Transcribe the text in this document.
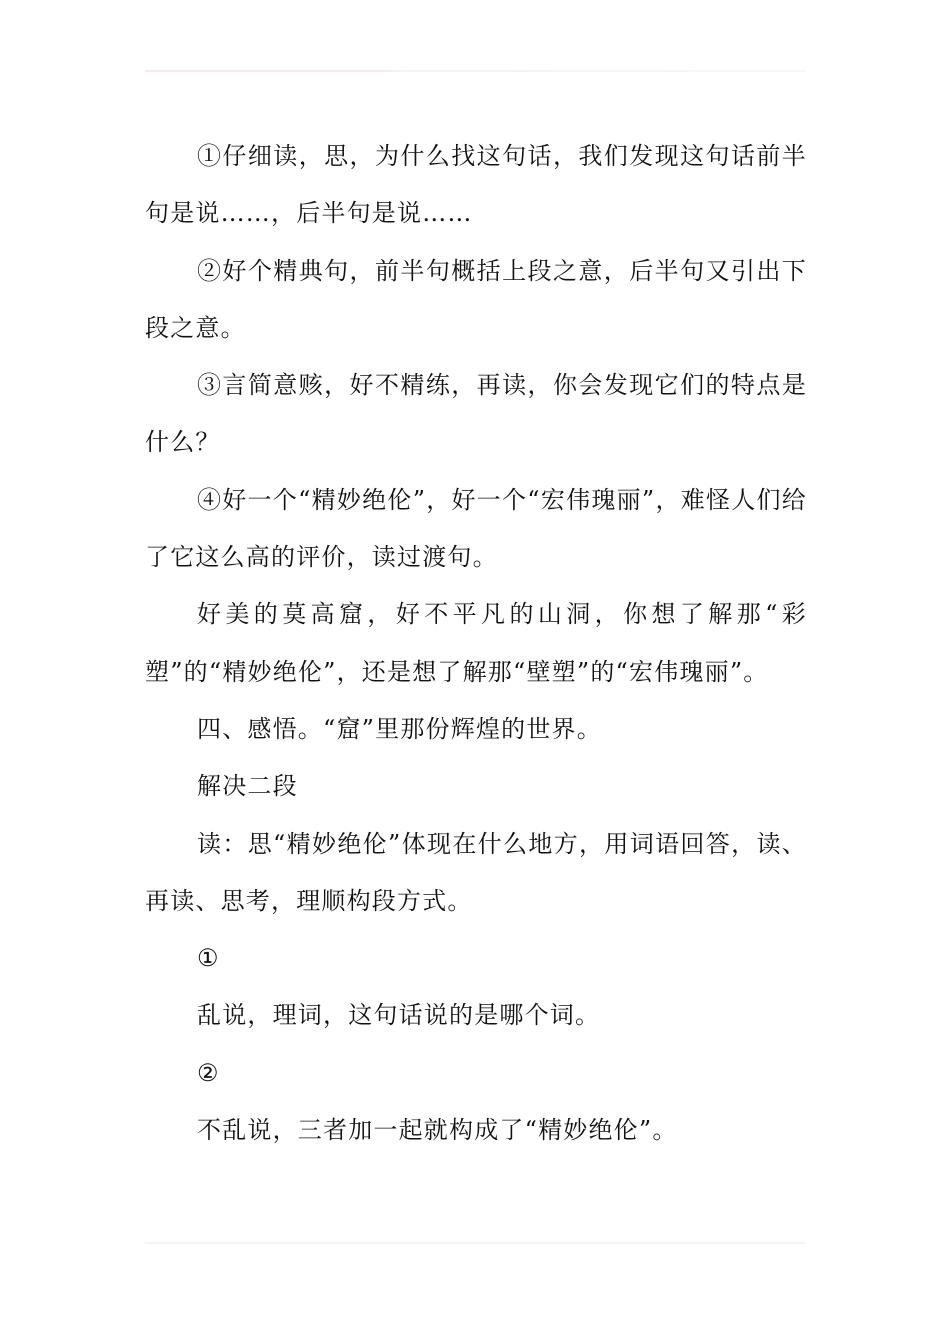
①仔细读，思，为什么找这句话，我们发现这句话前半句是说……，后半句是说……

②好个精典句，前半句概括上段之意，后半句又引出下段之意。

③言简意赅，好不精练，再读，你会发现它们的特点是什么？

④好一个“精妙绝伦”，好一个“宏伟瑰丽”，难怪人们给了它这么高的评价，读过渡句。

好美的莫高窟，好不平凡的山洞，你想了解那“彩塑”的“精妙绝伦”，还是想了解那“壁塑”的“宏伟瑰丽”。

四、感悟。“窟”里那份辉煌的世界。

解决二段

读：思“精妙绝伦”体现在什么地方，用词语回答，读、再读、思考，理顺构段方式。

①

乱说，理词，这句话说的是哪个词。

②

不乱说，三者加一起就构成了“精妙绝伦”。
